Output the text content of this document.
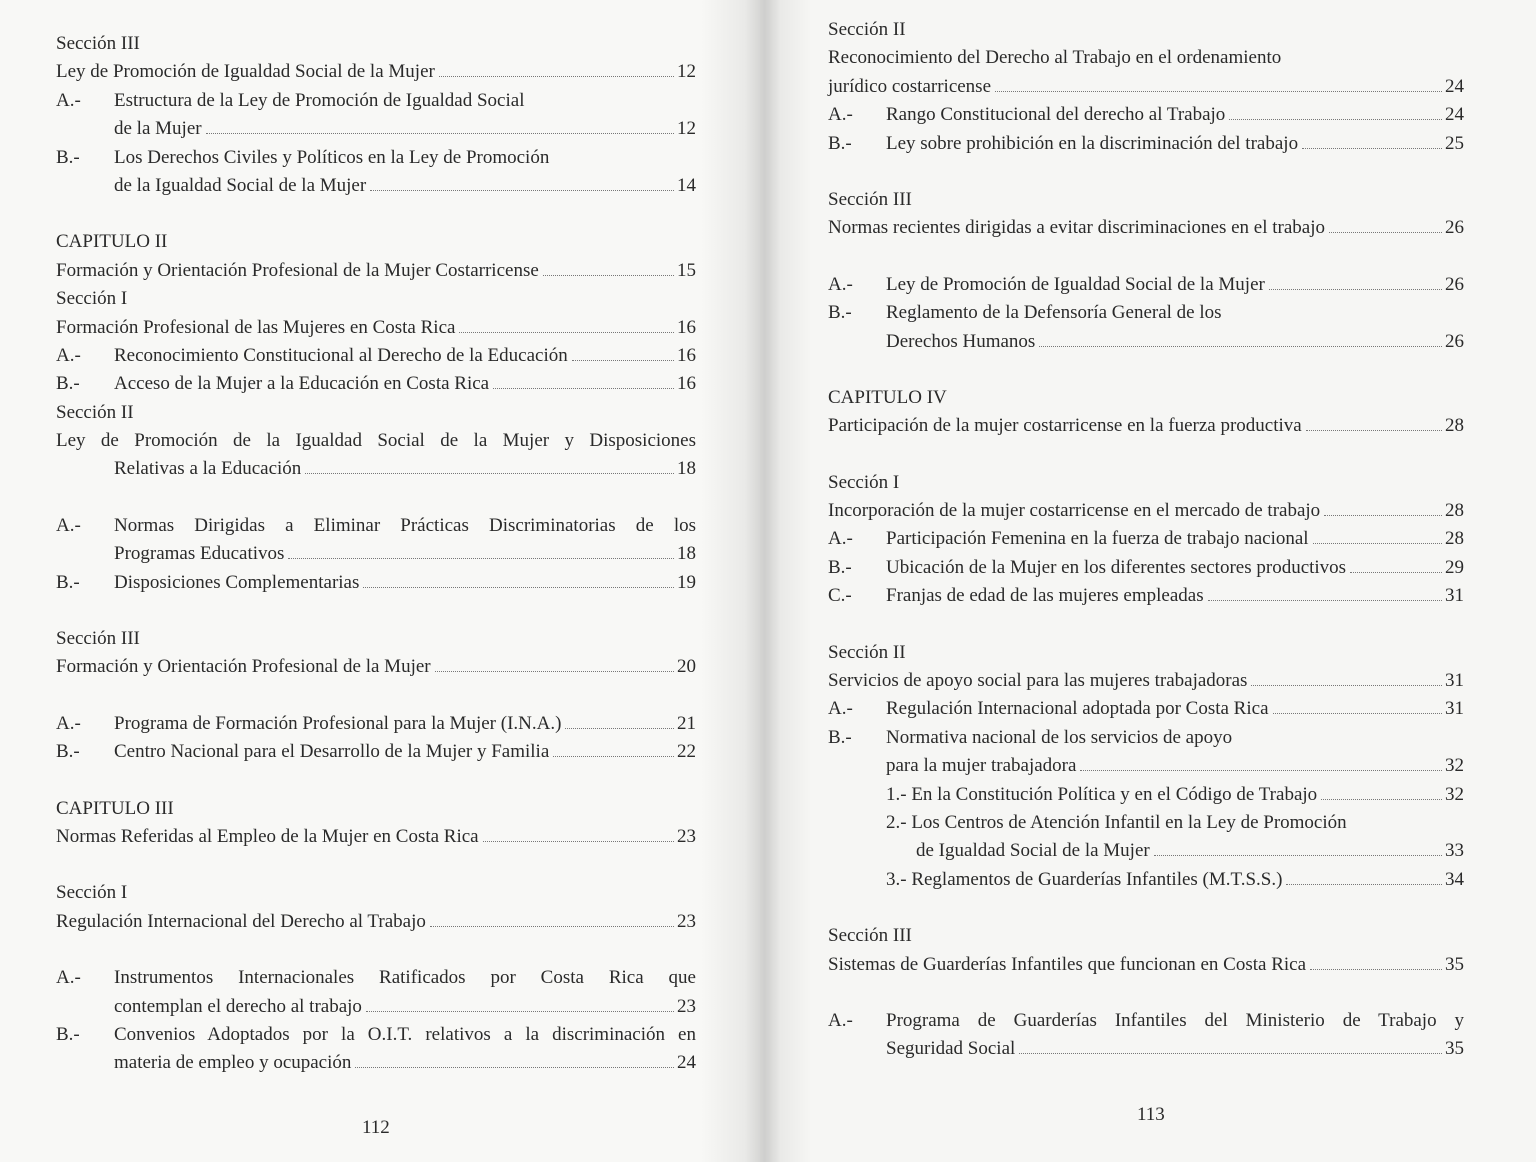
Sección III
Ley de Promoción de Igualdad Social de la Mujer	12
A.-	Estructura de la Ley de Promoción de Igualdad Social
de la Mujer	12
B.-	Los Derechos Civiles y Políticos en la Ley de Promoción
de la Igualdad Social de la Mujer	14
CAPITULO II
Formación y Orientación Profesional de la Mujer Costarricense	15
Sección I
Formación Profesional de las Mujeres en Costa Rica	16
A.- Reconocimiento Constitucional al Derecho de la Educación	16
B.- Acceso de la Mujer a la Educación en Costa Rica	16
Sección II
Ley de Promoción de la Igualdad Social de la Mujer y Disposiciones
Relativas a la Educación	18
A.-	Normas Dirigidas a Eliminar Prácticas Discriminatorias de los
Programas Educativos	18
B.- Disposiciones Complementarias	19
Sección III
Formación y Orientación Profesional de la Mujer	20
A.- Programa de Formación Profesional para la Mujer (I.N.A.)	21
B.- Centro Nacional para el Desarrollo de la Mujer y Familia	22
CAPITULO III
Normas Referidas al Empleo de la Mujer en Costa Rica	23
Sección I
Regulación Internacional del Derecho al Trabajo	23
A.-	Instrumentos Internacionales Ratificados por Costa Rica que
contemplan el derecho al trabajo	23
B.-	Convenios Adoptados por la O.I.T. relativos a la discriminación en
materia de empleo y ocupación	24
Sección II
Reconocimiento del Derecho al Trabajo en el ordenamiento
jurídico costarricense	24
A.- Rango Constitucional del derecho al Trabajo	24
B.- Ley sobre prohibición en la discriminación del trabajo	25
Sección III
Normas recientes dirigidas a evitar discriminaciones en el trabajo	26
A.- Ley de Promoción de Igualdad Social de la Mujer	26
B.-	Reglamento de la Defensoría General de los
Derechos Humanos	26
CAPITULO IV
Participación de la mujer costarricense en la fuerza productiva	28
Sección I
Incorporación de la mujer costarricense en el mercado de trabajo	28
A.- Participación Femenina en la fuerza de trabajo nacional	28
B.- Ubicación de la Mujer en los diferentes sectores productivos	29
C.- Franjas de edad de las mujeres empleadas	31
Sección II
Servicios de apoyo social para las mujeres trabajadoras	31
A.- Regulación Internacional adoptada por Costa Rica	31
B.-	Normativa nacional de los servicios de apoyo
para la mujer trabajadora	32
1.- En la Constitución Política y en el Código de Trabajo	32
2.- Los Centros de Atención Infantil en la Ley de Promoción
de Igualdad Social de la Mujer	33
3.- Reglamentos de Guarderías Infantiles (M.T.S.S.)	34
Sección III
Sistemas de Guarderías Infantiles que funcionan en Costa Rica	35
A.-	Programa de Guarderías Infantiles del Ministerio de Trabajo y
Seguridad Social	35
112
113
